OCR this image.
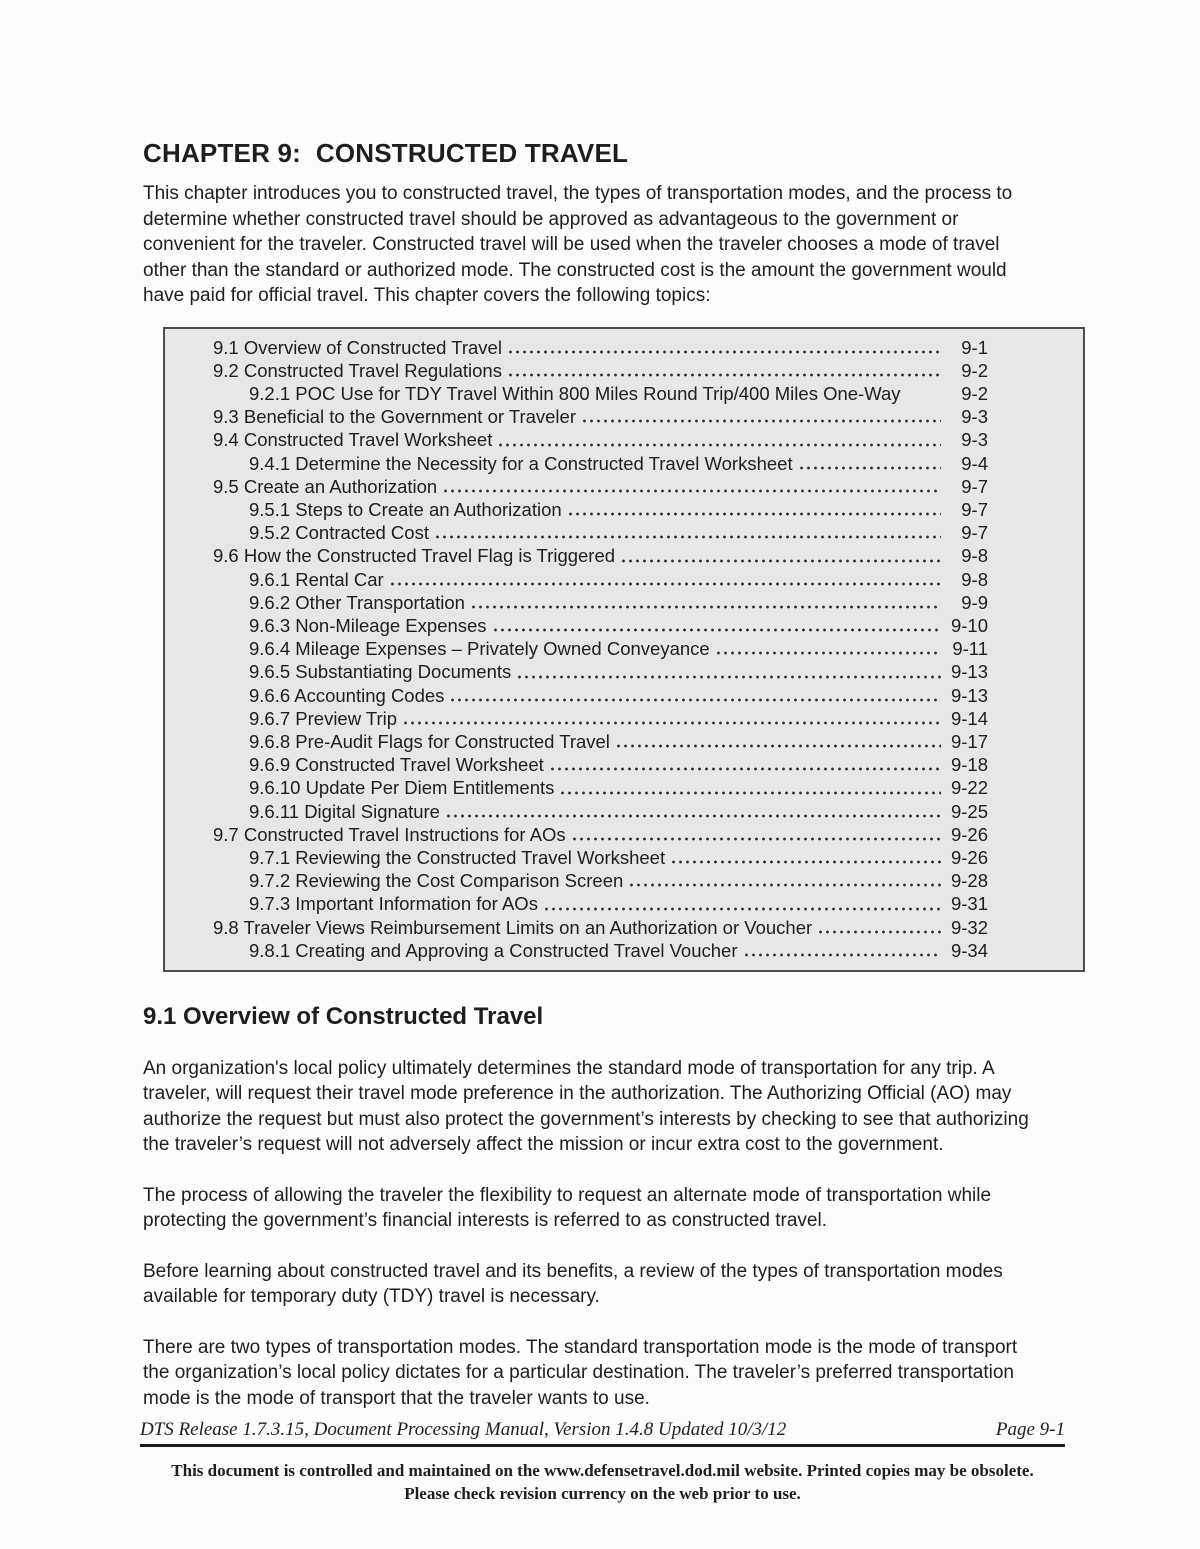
CHAPTER 9:  CONSTRUCTED TRAVEL

This chapter introduces you to constructed travel, the types of transportation modes, and the process to determine whether constructed travel should be approved as advantageous to the government or convenient for the traveler. Constructed travel will be used when the traveler chooses a mode of travel other than the standard or authorized mode. The constructed cost is the amount the government would have paid for official travel. This chapter covers the following topics:

9.1 Overview of Constructed Travel	9-1
9.2 Constructed Travel Regulations	9-2
9.2.1 POC Use for TDY Travel Within 800 Miles Round Trip/400 Miles One-Way	9-2
9.3 Beneficial to the Government or Traveler	9-3
9.4 Constructed Travel Worksheet	9-3
9.4.1 Determine the Necessity for a Constructed Travel Worksheet	9-4
9.5 Create an Authorization	9-7
9.5.1 Steps to Create an Authorization	9-7
9.5.2 Contracted Cost	9-7
9.6 How the Constructed Travel Flag is Triggered	9-8
9.6.1 Rental Car	9-8
9.6.2 Other Transportation	9-9
9.6.3 Non-Mileage Expenses	9-10
9.6.4 Mileage Expenses – Privately Owned Conveyance	9-11
9.6.5 Substantiating Documents	9-13
9.6.6 Accounting Codes	9-13
9.6.7 Preview Trip	9-14
9.6.8 Pre-Audit Flags for Constructed Travel	9-17
9.6.9 Constructed Travel Worksheet	9-18
9.6.10 Update Per Diem Entitlements	9-22
9.6.11 Digital Signature	9-25
9.7 Constructed Travel Instructions for AOs	9-26
9.7.1 Reviewing the Constructed Travel Worksheet	9-26
9.7.2 Reviewing the Cost Comparison Screen	9-28
9.7.3 Important Information for AOs	9-31
9.8 Traveler Views Reimbursement Limits on an Authorization or Voucher	9-32
9.8.1 Creating and Approving a Constructed Travel Voucher	9-34
9.1 Overview of Constructed Travel

An organization's local policy ultimately determines the standard mode of transportation for any trip. A traveler, will request their travel mode preference in the authorization. The Authorizing Official (AO) may authorize the request but must also protect the government’s interests by checking to see that authorizing the traveler’s request will not adversely affect the mission or incur extra cost to the government.

The process of allowing the traveler the flexibility to request an alternate mode of transportation while protecting the government’s financial interests is referred to as constructed travel.

Before learning about constructed travel and its benefits, a review of the types of transportation modes available for temporary duty (TDY) travel is necessary.

There are two types of transportation modes. The standard transportation mode is the mode of transport the organization’s local policy dictates for a particular destination. The traveler’s preferred transportation mode is the mode of transport that the traveler wants to use.

DTS Release 1.7.3.15, Document Processing Manual, Version 1.4.8 Updated 10/3/12	Page 9-1
This document is controlled and maintained on the www.defensetravel.dod.mil website. Printed copies may be obsolete.
Please check revision currency on the web prior to use.
